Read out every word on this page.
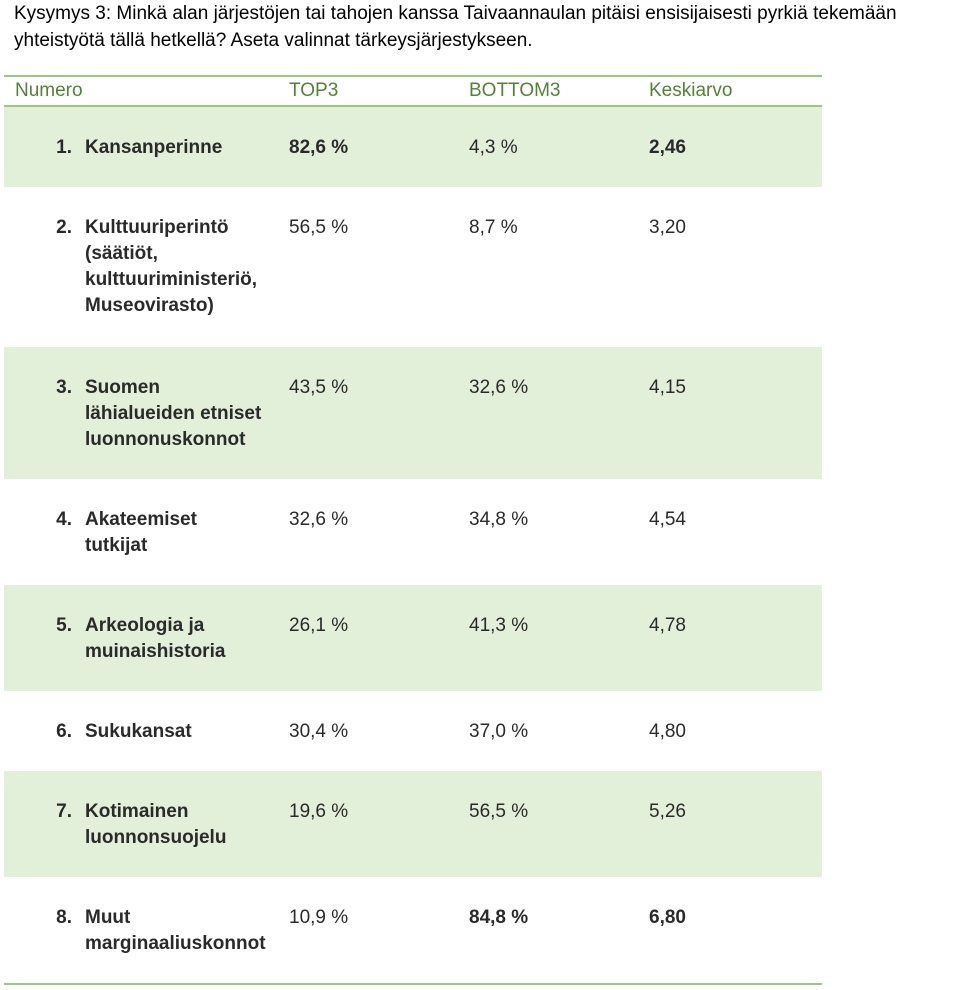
Kysymys 3: Minkä alan järjestöjen tai tahojen kanssa Taivaannaulan pitäisi ensisijaisesti pyrkiä tekemään
yhteistyötä tällä hetkellä? Aseta valinnat tärkeysjärjestykseen.
Numero	TOP3	BOTTOM3	Keskiarvo
1. Kansanperinne	82,6 %	4,3 %	2,46
2. Kulttuuriperintö
(säätiöt,
kulttuuriministeriö,
Museovirasto)
56,5 %	8,7 %	3,20
3. Suomen
lähialueiden etniset
luonnonuskonnot
43,5 %	32,6 %	4,15
4. Akateemiset
tutkijat
32,6 %	34,8 %	4,54
5. Arkeologia ja
muinaishistoria
26,1 %	41,3 %	4,78
6. Sukukansat	30,4 %	37,0 %	4,80
7. Kotimainen
luonnonsuojelu
19,6 %	56,5 %	5,26
8. Muut
marginaaliuskonnot
10,9 %	84,8 %	6,80
